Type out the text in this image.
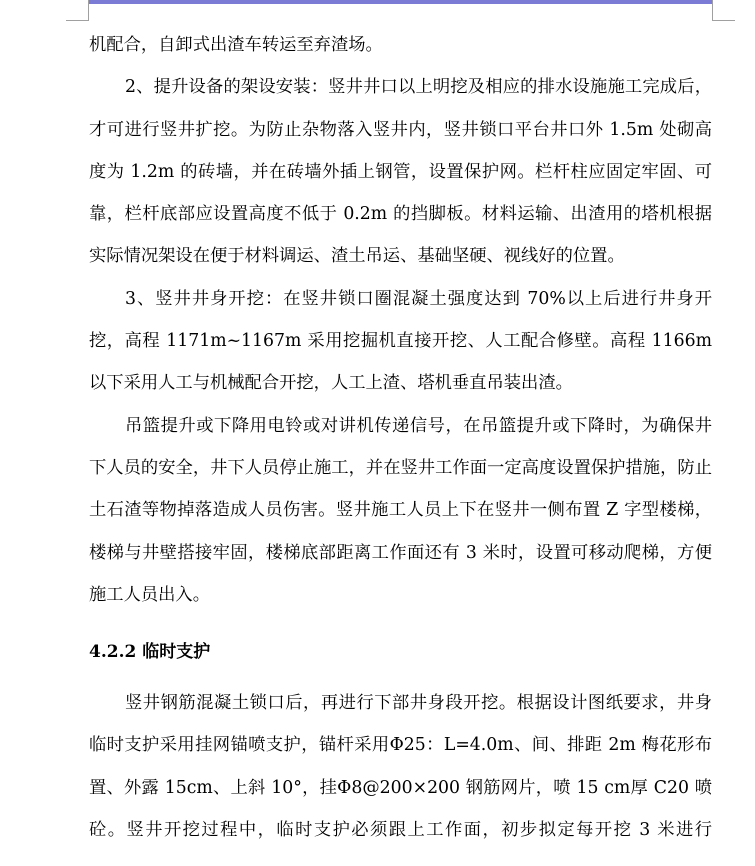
机配合，自卸式出渣车转运至弃渣场。

2、提升设备的架设安装：竖井井口以上明挖及相应的排水设施施工完成后，才可进行竖井扩挖。为防止杂物落入竖井内，竖井锁口平台井口外 1.5m 处砌高度为 1.2m 的砖墙，并在砖墙外插上钢管，设置保护网。栏杆柱应固定牢固、可靠，栏杆底部应设置高度不低于 0.2m 的挡脚板。材料运输、出渣用的塔机根据实际情况架设在便于材料调运、渣土吊运、基础坚硬、视线好的位置。

3、竖井井身开挖：在竖井锁口圈混凝土强度达到 70%以上后进行井身开挖，高程 1171m~1167m 采用挖掘机直接开挖、人工配合修壁。高程 1166m 以下采用人工与机械配合开挖，人工上渣、塔机垂直吊装出渣。

吊篮提升或下降用电铃或对讲机传递信号，在吊篮提升或下降时，为确保井下人员的安全，井下人员停止施工，并在竖井工作面一定高度设置保护措施，防止土石渣等物掉落造成人员伤害。竖井施工人员上下在竖井一侧布置 Z 字型楼梯，楼梯与井壁搭接牢固，楼梯底部距离工作面还有 3 米时，设置可移动爬梯，方便施工人员出入。

4.2.2 临时支护

竖井钢筋混凝土锁口后，再进行下部井身段开挖。根据设计图纸要求，井身临时支护采用挂网锚喷支护，锚杆采用Φ25：L=4.0m、间、排距 2m 梅花形布置、外露 15cm、上斜 10°，挂Φ8@200×200 钢筋网片，喷 15 cm厚 C20 喷砼。竖井开挖过程中，临时支护必须跟上工作面，初步拟定每开挖 3 米进行
